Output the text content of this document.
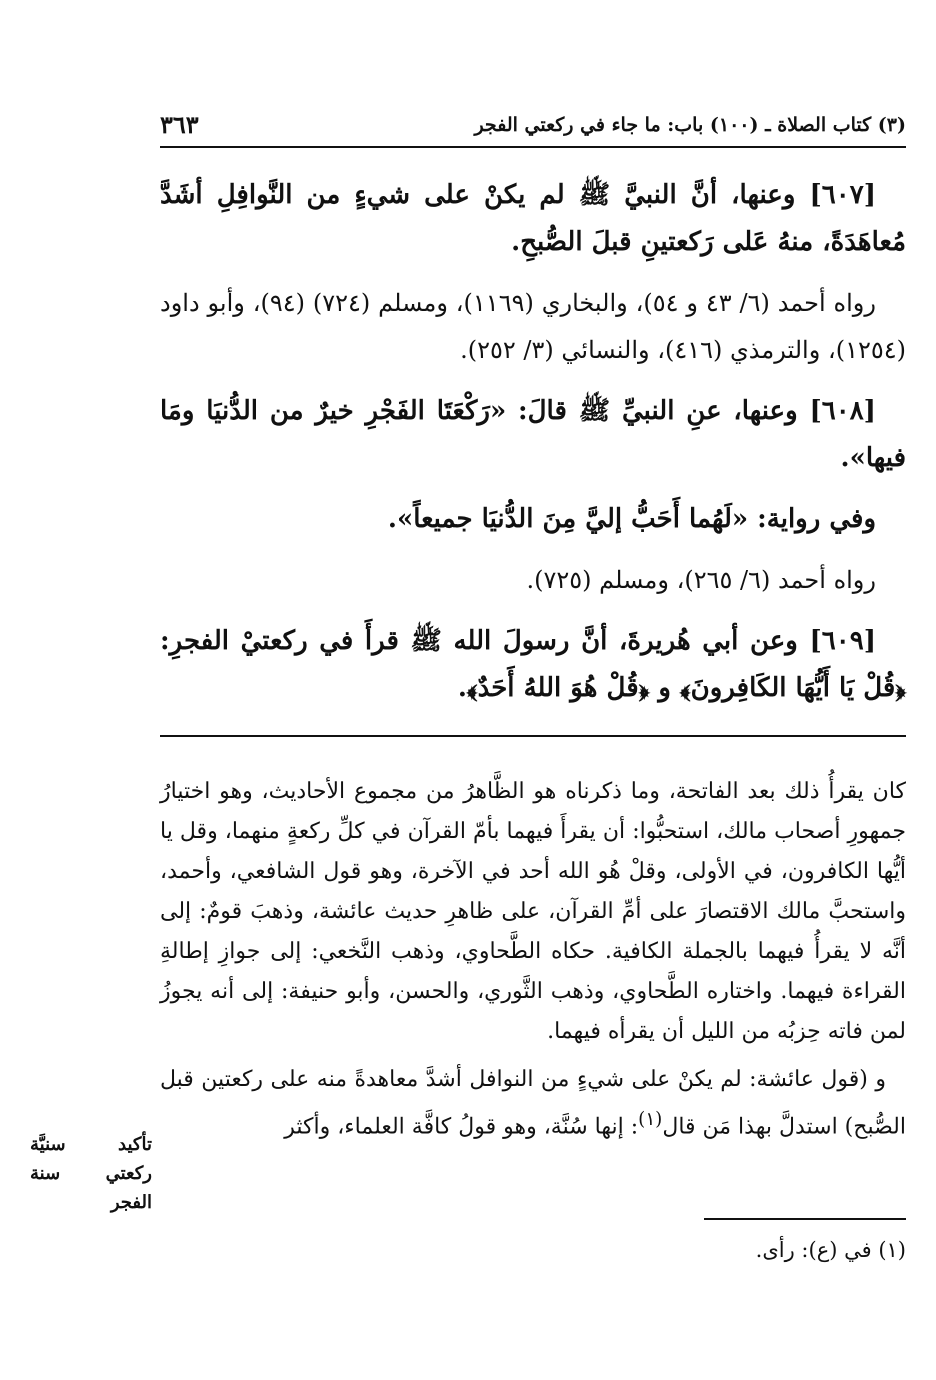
(٣) كتاب الصلاة ـ (١٠٠) باب: ما جاء في ركعتي الفجر
٣٦٣

[٦٠٧] وعنها، أنَّ النبيَّ ﷺ لم يكنْ على شيءٍ من النَّوافِلِ أشَدَّ مُعاهَدَةً، منهُ عَلى رَكعتينِ قبلَ الصُّبحِ.

رواه أحمد (٦/ ٤٣ و ٥٤)، والبخاري (١١٦٩)، ومسلم (٧٢٤) (٩٤)، وأبو داود (١٢٥٤)، والترمذي (٤١٦)، والنسائي (٣/ ٢٥٢).

[٦٠٨] وعنها، عنِ النبيِّ ﷺ قالَ: «رَكْعَتَا الفَجْرِ خيرٌ من الدُّنيَا ومَا فيها».

وفي رواية: «لَهُما أَحَبُّ إليَّ مِنَ الدُّنيَا جميعاً».

رواه أحمد (٦/ ٢٦٥)، ومسلم (٧٢٥).

[٦٠٩] وعن أبي هُريرةَ، أنَّ رسولَ الله ﷺ قرأَ في ركعتيْ الفجرِ: ﴿قُلْ يَا أَيُّهَا الكَافِرونَ﴾ و ﴿قُلْ هُوَ اللهُ أَحَدٌ﴾.

كان يقرأُ ذلك بعد الفاتحة، وما ذكرناه هو الظَّاهرُ من مجموع الأحاديث، وهو اختيارُ جمهورِ أصحاب مالك، استحبُّوا: أن يقرأَ فيهما بأمّ القرآن في كلِّ ركعةٍ منهما، وقل يا أيُّها الكافرون، في الأولى، وقلْ هُو الله أحد في الآخرة، وهو قول الشافعي، وأحمد، واستحبَّ مالك الاقتصارَ على أمِّ القرآن، على ظاهرِ حديث عائشة، وذهبَ قومٌ: إلى أنَّه لا يقرأُ فيهما بالجملة الكافية. حكاه الطَّحاوي، وذهب النَّخعي: إلى جوازِ إطالةِ القراءة فيهما. واختاره الطَّحاوي، وذهب الثَّوري، والحسن، وأبو حنيفة: إلى أنه يجوزُ لمن فاته حِزبُه من الليل أن يقرأه فيهما.

و (قول عائشة: لم يكنْ على شيءٍ من النوافل أشدَّ معاهدةً منه على ركعتين قبل الصُّبح) استدلَّ بهذا مَن قال$^{(١)}$: إنها سُنَّة، وهو قولُ كافَّة العلماء، وأكثر

تأكيد سنيَّة ركعتي سنة الفجر
(١) في (ع): رأى.
